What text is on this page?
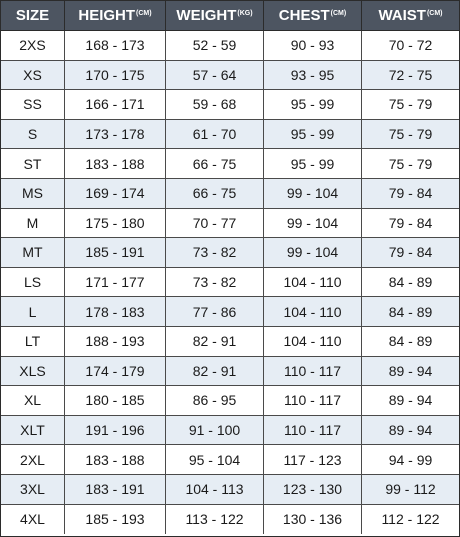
SIZE $HEIGHT^{(CM)}$ $WEIGHT^{(KG)}$ $CHEST^{(CM)}$ $WAIST^{(CM)}$
2XS	168 - 173	52 - 59	90 - 93	70 - 72
XS	170 - 175	57 - 64	93 - 95	72 - 75
SS	166 - 171	59 - 68	95 - 99	75 - 79
S	173 - 178	61 - 70	95 - 99	75 - 79
ST	183 - 188	66 - 75	95 - 99	75 - 79
MS	169 - 174	66 - 75	99 - 104	79 - 84
M	175 - 180	70 - 77	99 - 104	79 - 84
MT	185 - 191	73 - 82	99 - 104	79 - 84
LS	171 - 177	73 - 82	104 - 110	84 - 89
L	178 - 183	77 - 86	104 - 110	84 - 89
LT	188 - 193	82 - 91	104 - 110	84 - 89
XLS	174 - 179	82 - 91	110 - 117	89 - 94
XL	180 - 185	86 - 95	110 - 117	89 - 94
XLT	191 - 196	91 - 100	110 - 117	89 - 94
2XL	183 - 188	95 - 104	117 - 123	94 - 99
3XL	183 - 191	104 - 113	123 - 130	99 - 112
4XL	185 - 193	113 - 122	130 - 136	112 - 122
